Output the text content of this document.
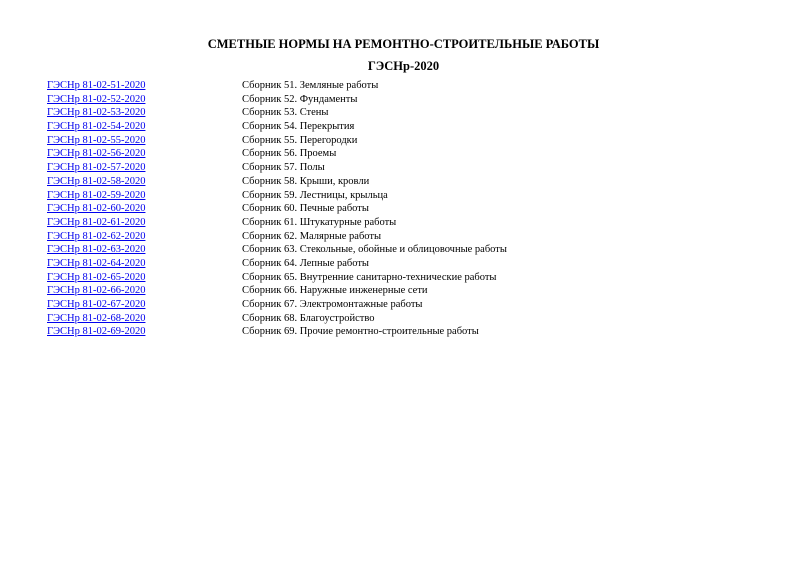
СМЕТНЫЕ НОРМЫ НА РЕМОНТНО-СТРОИТЕЛЬНЫЕ РАБОТЫ
ГЭСНр-2020
ГЭСНр 81-02-51-2020	Сборник 51. Земляные работы
ГЭСНр 81-02-52-2020	Сборник 52. Фундаменты
ГЭСНр 81-02-53-2020	Сборник 53. Стены
ГЭСНр 81-02-54-2020	Сборник 54. Перекрытия
ГЭСНр 81-02-55-2020	Сборник 55. Перегородки
ГЭСНр 81-02-56-2020	Сборник 56. Проемы
ГЭСНр 81-02-57-2020	Сборник 57. Полы
ГЭСНр 81-02-58-2020	Сборник 58. Крыши, кровли
ГЭСНр 81-02-59-2020	Сборник 59. Лестницы, крыльца
ГЭСНр 81-02-60-2020	Сборник 60. Печные работы
ГЭСНр 81-02-61-2020	Сборник 61. Штукатурные работы
ГЭСНр 81-02-62-2020	Сборник 62. Малярные работы
ГЭСНр 81-02-63-2020	Сборник 63. Стекольные, обойные и облицовочные работы
ГЭСНр 81-02-64-2020	Сборник 64. Лепные работы
ГЭСНр 81-02-65-2020	Сборник 65. Внутренние санитарно-технические работы
ГЭСНр 81-02-66-2020	Сборник 66. Наружные инженерные сети
ГЭСНр 81-02-67-2020	Сборник 67. Электромонтажные работы
ГЭСНр 81-02-68-2020	Сборник 68. Благоустройство
ГЭСНр 81-02-69-2020	Сборник 69. Прочие ремонтно-строительные работы
